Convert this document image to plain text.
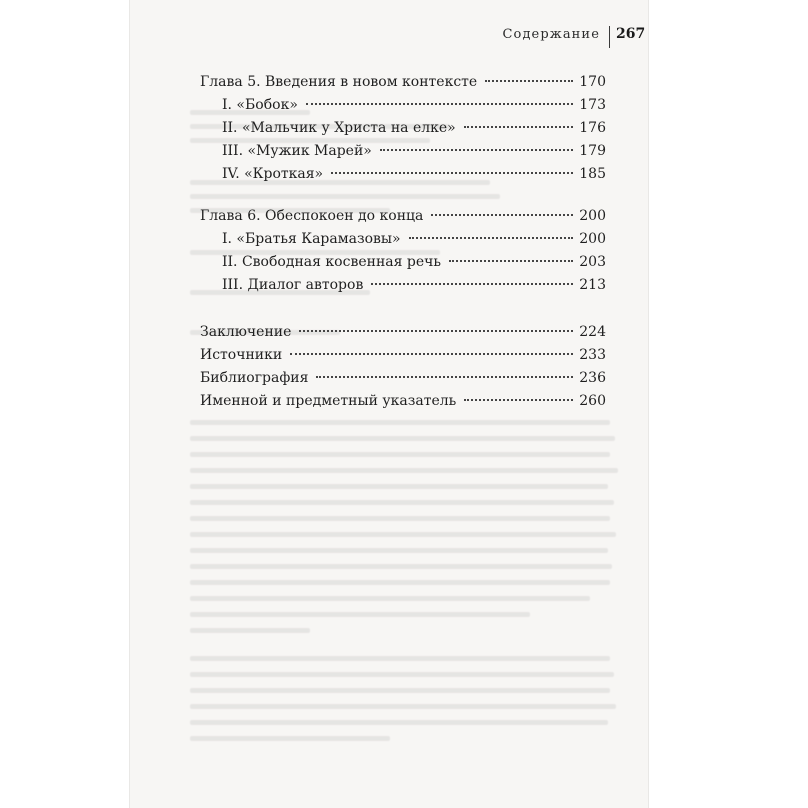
Содержание 267
Глава 5. Введения в новом контексте	170
I. «Бобок»	173
II. «Мальчик у Христа на елке»	176
III. «Мужик Марей»	179
IV. «Кроткая»	185
Глава 6. Обеспокоен до конца	200
I. «Братья Карамазовы»	200
II. Свободная косвенная речь	203
III. Диалог авторов	213
Заключение	224
Источники	233
Библиография	236
Именной и предметный указатель	260
